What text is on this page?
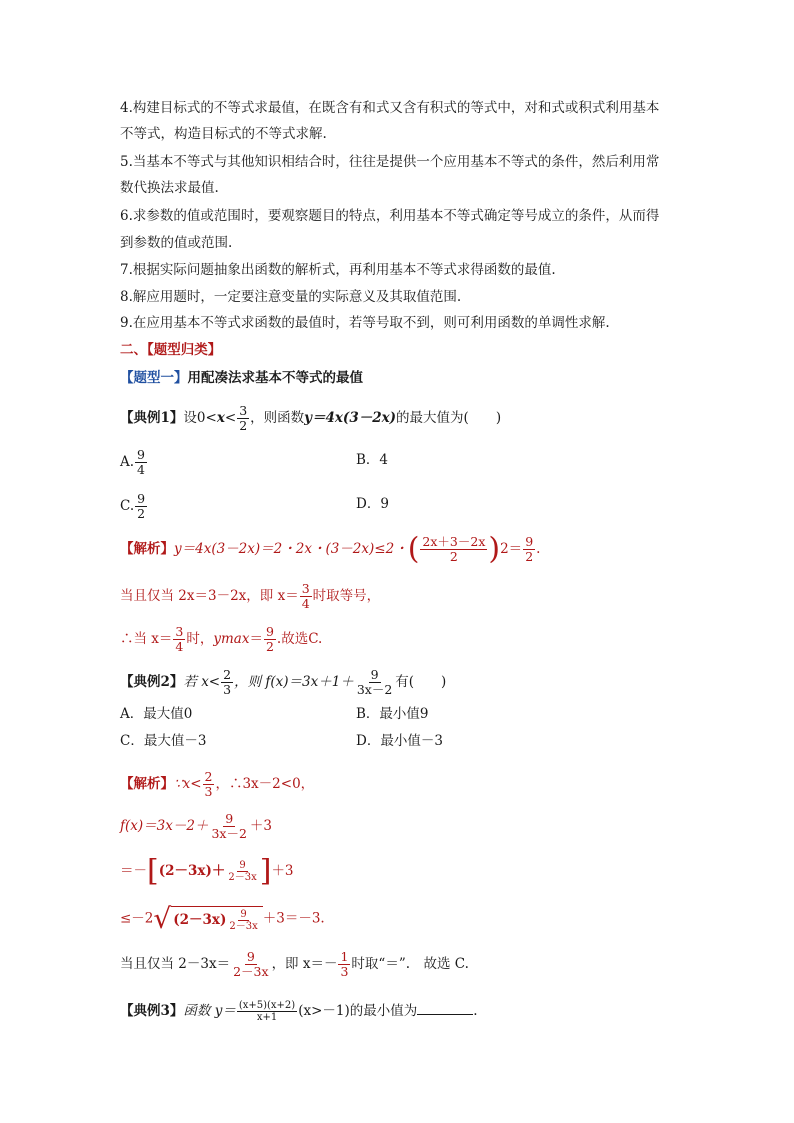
4.构建目标式的不等式求最值，在既含有和式又含有积式的等式中，对和式或积式利用基本
不等式，构造目标式的不等式求解.
5.当基本不等式与其他知识相结合时，往往是提供一个应用基本不等式的条件，然后利用常
数代换法求最值.
6.求参数的值或范围时，要观察题目的特点，利用基本不等式确定等号成立的条件，从而得
到参数的值或范围.
7.根据实际问题抽象出函数的解析式，再利用基本不等式求得函数的最值.
8.解应用题时，一定要注意变量的实际意义及其取值范围.
9.在应用基本不等式求函数的最值时，若等号取不到，则可利用函数的单调性求解.
二、【题型归类】
【题型一】用配凑法求基本不等式的最值
【典例1】设$0<x< \frac{3}{2}$ ，则函数y＝4x(3－2x)的最大值为(　　)
A. $\frac{9}{4}$	B．4
C. $\frac{9}{2}$	D．9
【解析】y＝4x(3－2x)＝2・2x・(3－2x)≤2・( $\frac{2x+3-2x}{2} )2= \frac{9}{2}$ .
当且仅当 2x＝3－2x，即 $x= \frac{3}{4}$ 时取等号，
∴当 $x= \frac{3}{4}$ 时，$ymax= \frac{9}{2}$ .故选C.
【典例2】若 $x< \frac{2}{3}$ ，则 $f(x)=3x+1+ \frac{9}{3x-2}$ 有(　　)
A．最大值0	B．最小值9
C．最大值－3	D．最小值－3
【解析】∵x< $\frac{2}{3}$ ，∴3x－2<0，
$f(x)=3x-2+ \frac{9}{3x-2} +3$
$=-[(2-3x)+ \frac{9}{2-3x} ]+3$
≤－2 √ $(2-3x) \frac{9}{2-3x} +3=-3$.
当且仅当 $2-3x= \frac{9}{2-3x}$ ，即 $x=- \frac{1}{3}$ 时取“＝”.　故选 C.
【典例3】函数 $y= \frac{(x+5)(x+2)}{x+1} (x>-1)$的最小值为	.
